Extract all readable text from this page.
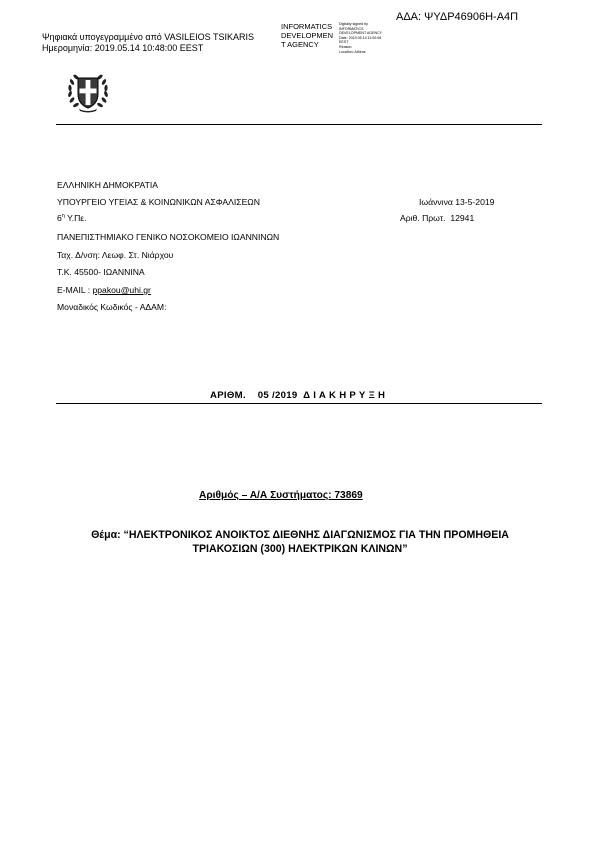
ΑΔΑ: ΨΥΔΡ46906Η-Α4Π
Ψηφιακά υπογεγραμμένο από VASILEIOS TSIKARIS
Ημερομηνία: 2019.05.14 10:48:00 EEST
INFORMATICS
DEVELOPMEN
T AGENCY
Digitally signed by
INFORMATICS
DEVELOPMENT AGENCY
Date: 2019.05.14 11:00:08
EEST
Reason:
Location: Athens
ΕΛΛΗΝΙΚΗ ΔΗΜΟΚΡΑΤΙΑ
ΥΠΟΥΡΓΕΙΟ ΥΓΕΙΑΣ & ΚΟΙΝΩΝΙΚΩΝ ΑΣΦΑΛΙΣΕΩΝ
$6^\eta$ Υ.Πε.
ΠΑΝΕΠΙΣΤΗΜΙΑΚΟ ΓΕΝΙΚΟ ΝΟΣΟΚΟΜΕΙΟ ΙΩΑΝΝΙΝΩΝ
Ταχ. Δ/νση: Λεωφ. Στ. Νιάρχου
Τ.Κ. 45500- ΙΩΑΝΝΙΝΑ
E-MAIL : ppakou@uhi.gr
Μοναδικός Κωδικός - ΑΔΑΜ:
Ιωάννινα 13-5-2019
Αριθ. Πρωτ. 12941
ΑΡΙΘΜ.    05 /2019  Δ Ι Α Κ Η Ρ Υ Ξ Η
Αριθμός – Α/Α Συστήματος: 73869
Θέμα: “ΗΛΕΚΤΡΟΝΙΚΟΣ ΑΝΟΙΚΤΟΣ ΔΙΕΘΝΗΣ ΔΙΑΓΩΝΙΣΜΟΣ ΓΙΑ ΤΗΝ ΠΡΟΜΗΘΕΙΑ
ΤΡΙΑΚΟΣΙΩΝ (300) ΗΛΕΚΤΡΙΚΩΝ ΚΛΙΝΩΝ”
